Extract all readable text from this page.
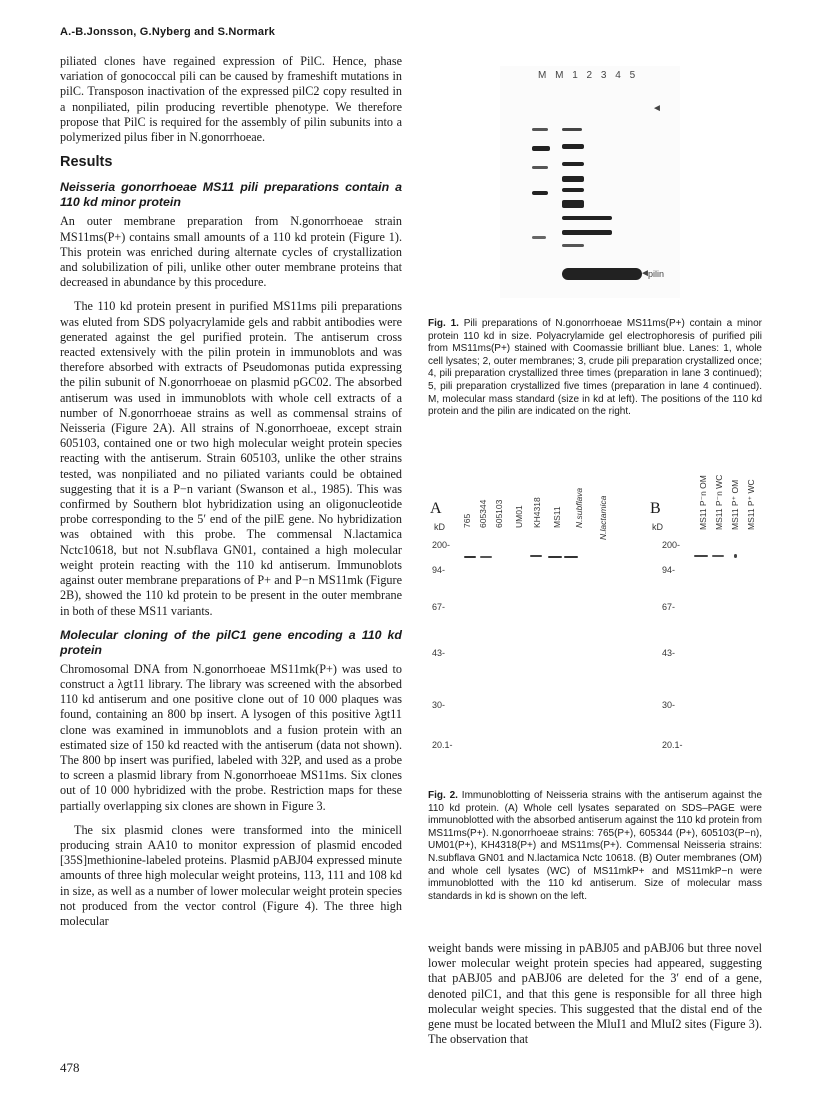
A.-B.Jonsson, G.Nyberg and S.Normark

piliated clones have regained expression of PilC. Hence, phase variation of gonococcal pili can be caused by frameshift mutations in pilC. Transposon inactivation of the expressed pilC2 copy resulted in a nonpiliated, pilin producing revertible phenotype. We therefore propose that PilC is required for the assembly of pilin subunits into a polymerized pilus fiber in N.gonorrhoeae.

Results
Neisseria gonorrhoeae MS11 pili preparations contain a 110 kd minor protein

An outer membrane preparation from N.gonorrhoeae strain MS11ms(P+) contains small amounts of a 110 kd protein (Figure 1). This protein was enriched during alternate cycles of crystallization and solubilization of pili, unlike other outer membrane proteins that decreased in abundance by this procedure.

The 110 kd protein present in purified MS11ms pili preparations was eluted from SDS polyacrylamide gels and rabbit antibodies were generated against the gel purified protein. The antiserum cross reacted extensively with the pilin protein in immunoblots and was therefore absorbed with extracts of Pseudomonas putida expressing the pilin subunit of N.gonorrhoeae on plasmid pGC02. The absorbed antiserum was used in immunoblots with whole cell extracts of a number of N.gonorrhoeae strains as well as commensal strains of Neisseria (Figure 2A). All strains of N.gonorrhoeae, except strain 605103, contained one or two high molecular weight protein species reacting with the antiserum. Strain 605103, unlike the other strains tested, was nonpiliated and no piliated variants could be obtained suggesting that it is a P−n variant (Swanson et al., 1985). This was confirmed by Southern blot hybridization using an oligonucleotide probe corresponding to the 5′ end of the pilE gene. No hybridization was obtained with this probe. The commensal N.lactamica Nctc10618, but not N.subflava GN01, contained a high molecular weight protein reacting with the 110 kd antiserum. Immunoblots against outer membrane preparations of P+ and P−n MS11mk (Figure 2B), showed the 110 kd protein to be present in the outer membrane in both of these MS11 variants.

Molecular cloning of the pilC1 gene encoding a 110 kd protein

Chromosomal DNA from N.gonorrhoeae MS11mk(P+) was used to construct a λgt11 library. The library was screened with the absorbed 110 kd antiserum and one positive clone out of 10 000 plaques was found, containing an 800 bp insert. A lysogen of this positive λgt11 clone was examined in immunoblots and a fusion protein with an estimated size of 150 kd reacted with the antiserum (data not shown). The 800 bp insert was purified, labeled with 32P, and used as a probe to screen a plasmid library from N.gonorrhoeae MS11ms. Six clones out of 10 000 hybridized with the probe. Restriction maps for these partially overlapping six clones are shown in Figure 3.

The six plasmid clones were transformed into the minicell producing strain AA10 to monitor expression of plasmid encoded [35S]methionine-labeled proteins. Plasmid pABJ04 expressed minute amounts of three high molecular weight proteins, 113, 111 and 108 kd in size, as well as a number of lower molecular weight protein species not produced from the vector control (Figure 4). The three high molecular

478
M M 1 2 3 4 5
pilin
◄
◄
Fig. 1. Pili preparations of N.gonorrhoeae MS11ms(P+) contain a minor protein 110 kd in size. Polyacrylamide gel electrophoresis of purified pili from MS11ms(P+) stained with Coomassie brilliant blue. Lanes: 1, whole cell lysates; 2, outer membranes; 3, crude pili preparation crystallized once; 4, pili preparation crystallized three times (preparation in lane 3 continued); 5, pili preparation crystallized five times (preparation in lane 4 continued). M, molecular mass standard (size in kd at left). The positions of the 110 kd protein and the pilin are indicated on the right.
A	B
kD	kD
200-
94-
67-
43-
30-
20.1-
200-
94-
67-
43-
30-
20.1-
765 605344 605103 UM01 KH4318 MS11 N.subflava N.lactamica	MS11 P⁻n OM MS11 P⁻n WC MS11 P⁺ OM MS11 P⁺ WC
Fig. 2. Immunoblotting of Neisseria strains with the antiserum against the 110 kd protein. (A) Whole cell lysates separated on SDS–PAGE were immunoblotted with the absorbed antiserum against the 110 kd protein from MS11ms(P+). N.gonorrhoeae strains: 765(P+), 605344 (P+), 605103(P−n), UM01(P+), KH4318(P+) and MS11ms(P+). Commensal Neisseria strains: N.subflava GN01 and N.lactamica Nctc 10618. (B) Outer membranes (OM) and whole cell lysates (WC) of MS11mkP+ and MS11mkP−n were immunoblotted with the 110 kd antiserum. Size of molecular mass standards in kd is shown on the left.

weight bands were missing in pABJ05 and pABJ06 but three novel lower molecular weight protein species had appeared, suggesting that pABJ05 and pABJ06 are deleted for the 3′ end of a gene, denoted pilC1, and that this gene is responsible for all three high molecular weight species. This suggested that the distal end of the gene must be located between the MluI1 and MluI2 sites (Figure 3). The observation that
